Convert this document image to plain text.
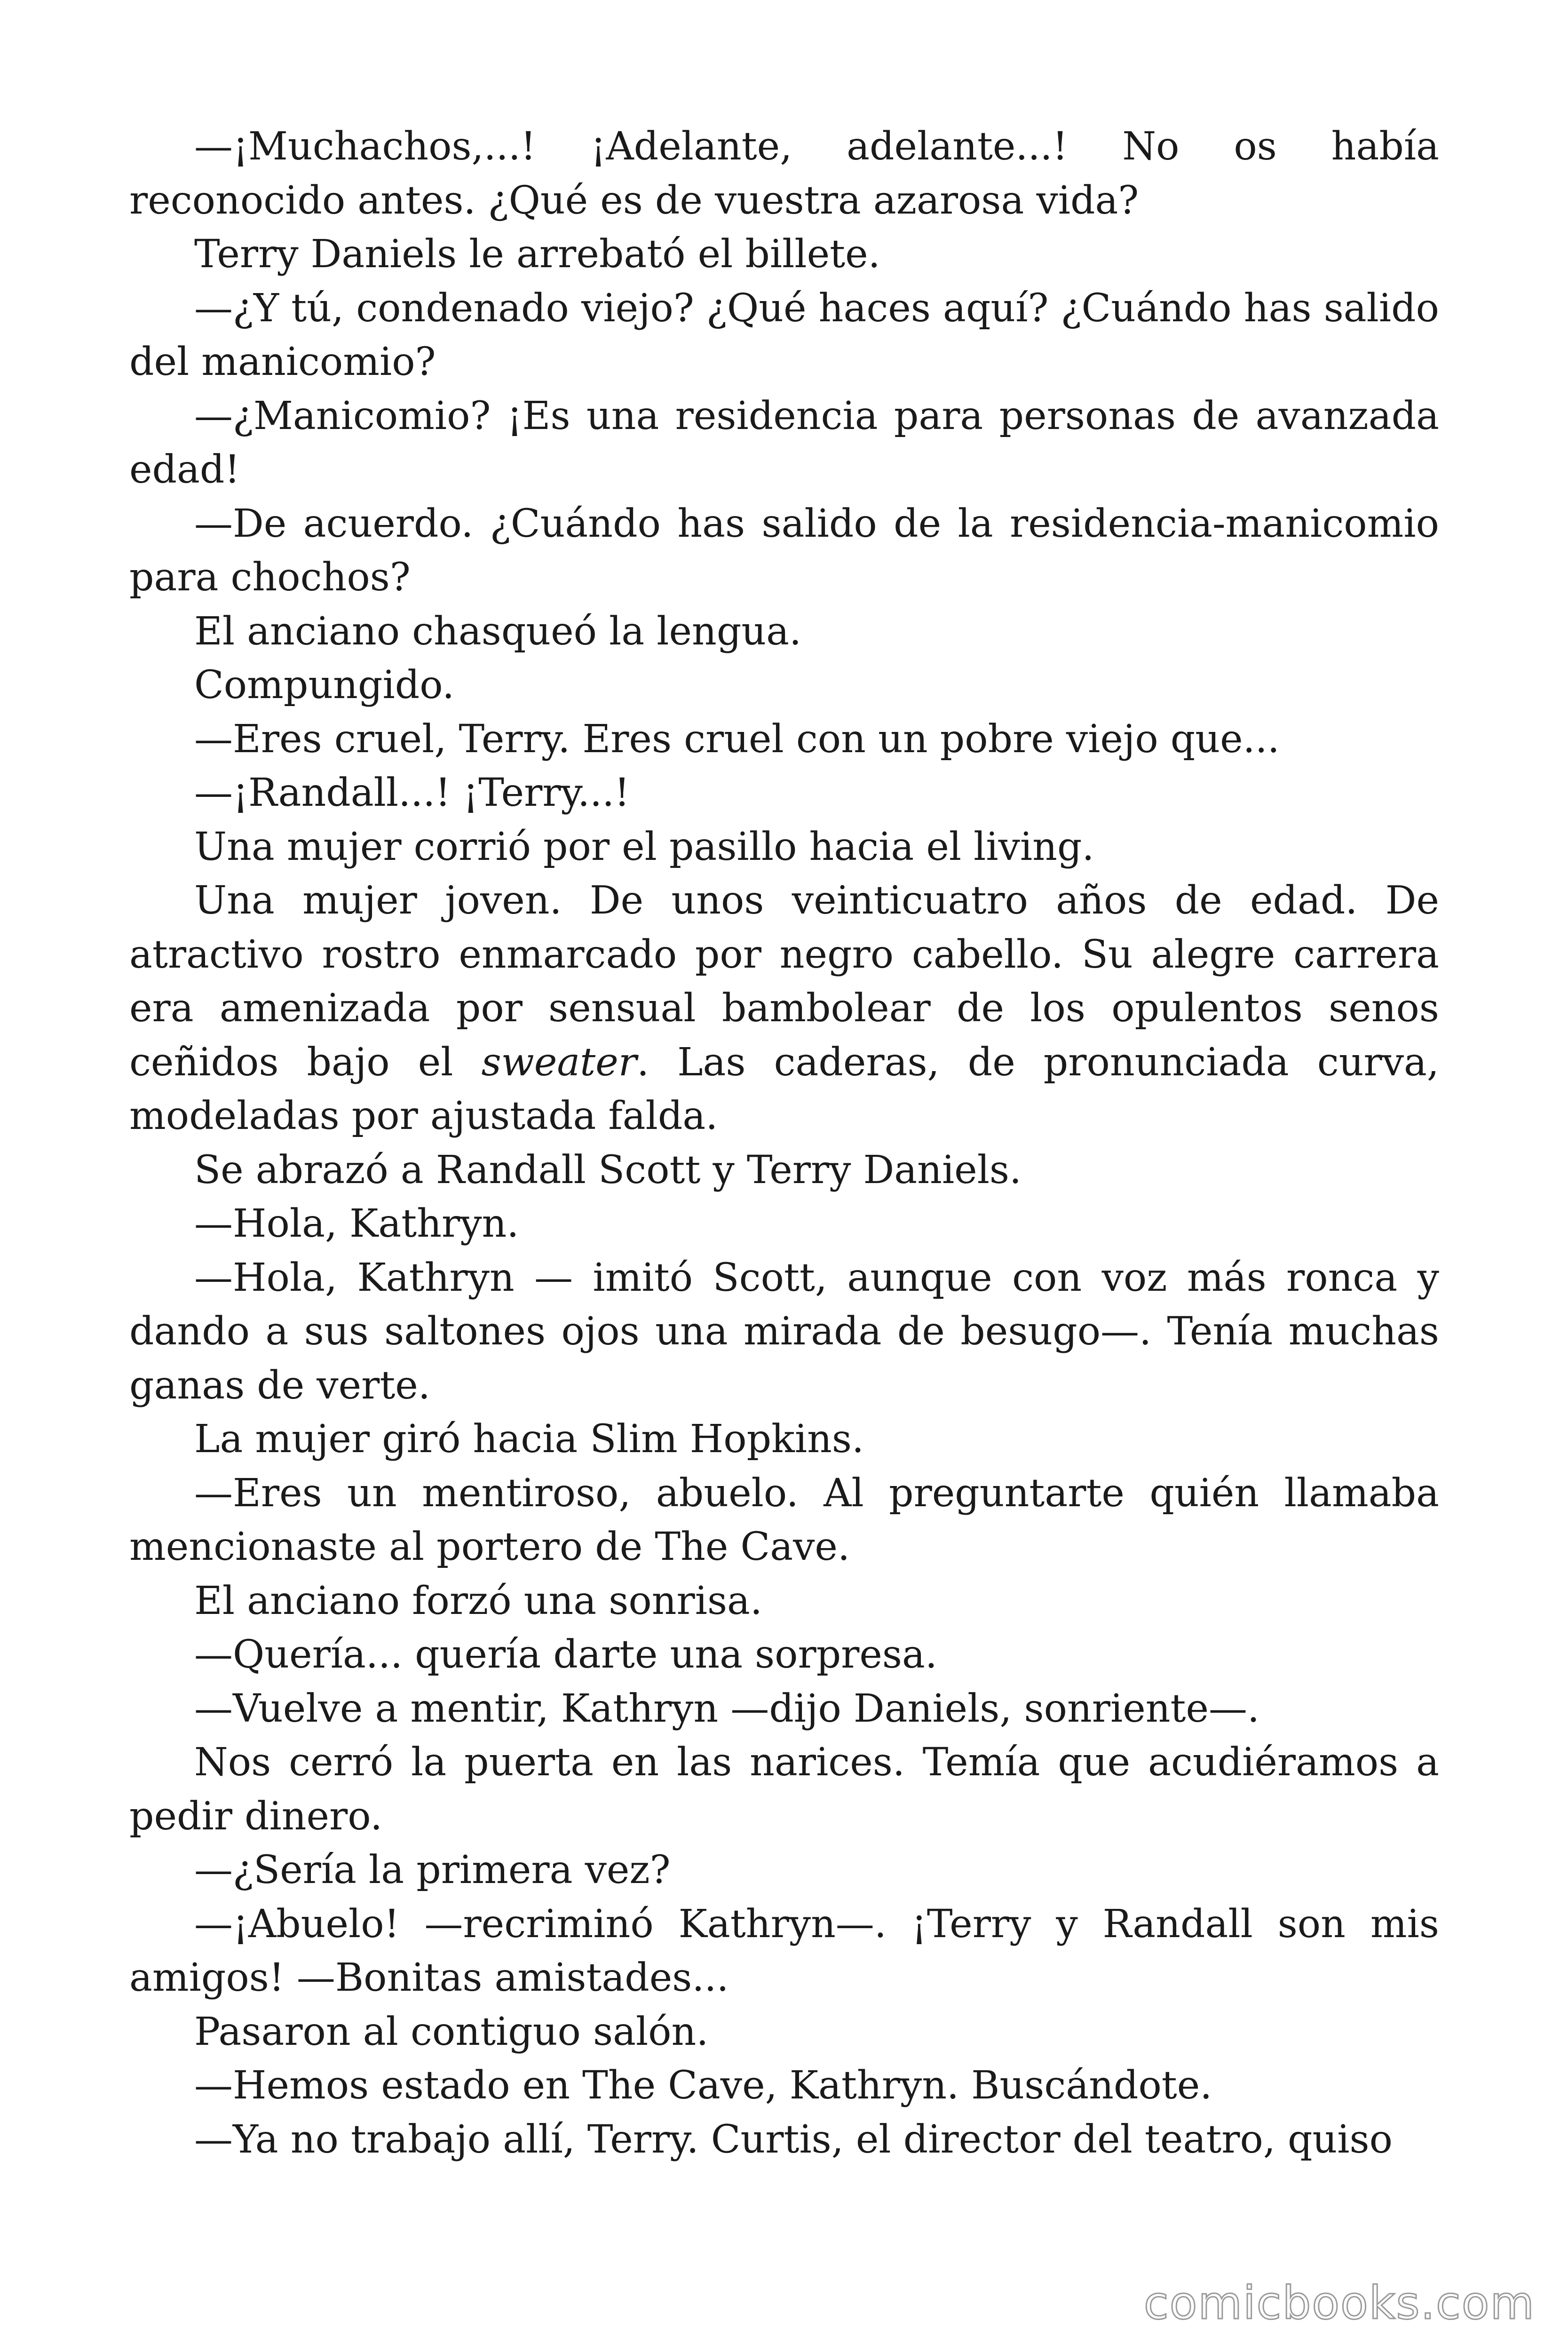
—¡Muchachos,...! ¡Adelante, adelante...! No os había reconocido antes. ¿Qué es de vuestra azarosa vida?

Terry Daniels le arrebató el billete.

—¿Y tú, condenado viejo? ¿Qué haces aquí? ¿Cuándo has salido del manicomio?

—¿Manicomio? ¡Es una residencia para personas de avanzada edad!

—De acuerdo. ¿Cuándo has salido de la residencia-manicomio para chochos?

El anciano chasqueó la lengua.

Compungido.

—Eres cruel, Terry. Eres cruel con un pobre viejo que...

—¡Randall...! ¡Terry...!

Una mujer corrió por el pasillo hacia el living.

Una mujer joven. De unos veinticuatro años de edad. De atractivo rostro enmarcado por negro cabello. Su alegre carrera era amenizada por sensual bambolear de los opulentos senos ceñidos bajo el sweater. Las caderas, de pronunciada curva, modeladas por ajustada falda.

Se abrazó a Randall Scott y Terry Daniels.

—Hola, Kathryn.

—Hola, Kathryn — imitó Scott, aunque con voz más ronca y dando a sus saltones ojos una mirada de besugo—. Tenía muchas ganas de verte.

La mujer giró hacia Slim Hopkins.

—Eres un mentiroso, abuelo. Al preguntarte quién llamaba mencionaste al portero de The Cave.

El anciano forzó una sonrisa.

—Quería... quería darte una sorpresa.

—Vuelve a mentir, Kathryn —dijo Daniels, sonriente—.

Nos cerró la puerta en las narices. Temía que acudiéramos a pedir dinero.

—¿Sería la primera vez?

—¡Abuelo! —recriminó Kathryn—. ¡Terry y Randall son mis amigos! —Bonitas amistades...

Pasaron al contiguo salón.

—Hemos estado en The Cave, Kathryn. Buscándote.

—Ya no trabajo allí, Terry. Curtis, el director del teatro, quiso

comicbooks.com
